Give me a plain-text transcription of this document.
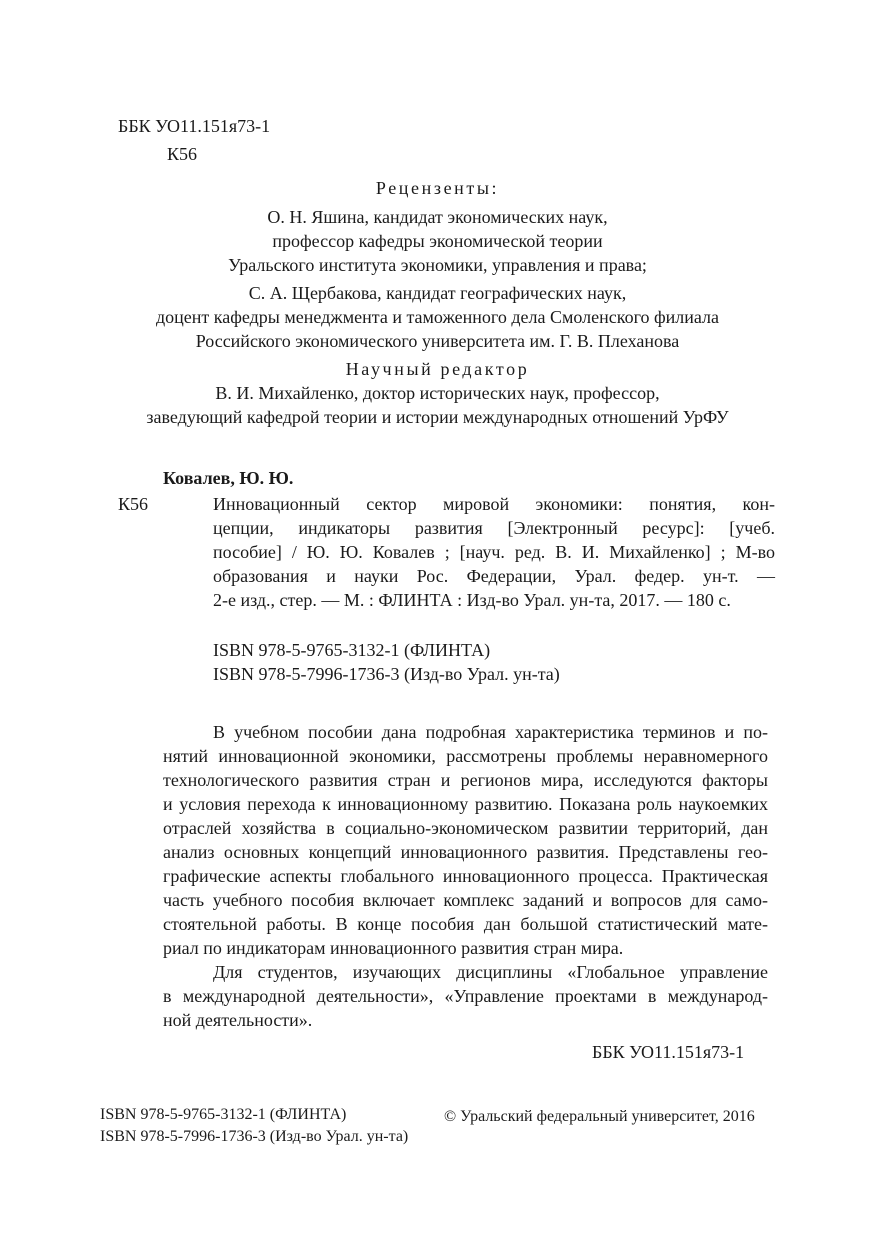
ББК УО11.151я73-1
К56
Рецензенты:
О. Н. Яшина, кандидат экономических наук,
профессор кафедры экономической теории
Уральского института экономики, управления и права;
С. А. Щербакова, кандидат географических наук,
доцент кафедры менеджмента и таможенного дела Смоленского филиала
Российского экономического университета им. Г. В. Плеханова
Научный редактор
В. И. Михайленко, доктор исторических наук, профессор,
заведующий кафедрой теории и истории международных отношений УрФУ
Ковалев, Ю. Ю.
К56	Инновационный сектор мировой экономики: понятия, кон-
цепции, индикаторы развития [Электронный ресурс]: [учеб.
пособие] / Ю. Ю. Ковалев ; [науч. ред. В. И. Михайленко] ; М-во
образования и науки Рос. Федерации, Урал. федер. ун-т. —
2-е изд., стер. — М. : ФЛИНТА : Изд-во Урал. ун-та, 2017. — 180 с.
ISBN 978-5-9765-3132-1 (ФЛИНТА)
ISBN 978-5-7996-1736-3 (Изд-во Урал. ун-та)
В учебном пособии дана подробная характеристика терминов и по-
нятий инновационной экономики, рассмотрены проблемы неравномерного
технологического развития стран и регионов мира, исследуются факторы
и условия перехода к инновационному развитию. Показана роль наукоемких
отраслей хозяйства в социально-экономическом развитии территорий, дан
анализ основных концепций инновационного развития. Представлены гео-
графические аспекты глобального инновационного процесса. Практическая
часть учебного пособия включает комплекс заданий и вопросов для само-
стоятельной работы. В конце пособия дан большой статистический мате-
риал по индикаторам инновационного развития стран мира.
Для студентов, изучающих дисциплины «Глобальное управление
в международной деятельности», «Управление проектами в международ-
ной деятельности».
ББК УО11.151я73-1
ISBN 978-5-9765-3132-1 (ФЛИНТА)
ISBN 978-5-7996-1736-3 (Изд-во Урал. ун-та)
© Уральский федеральный университет, 2016
